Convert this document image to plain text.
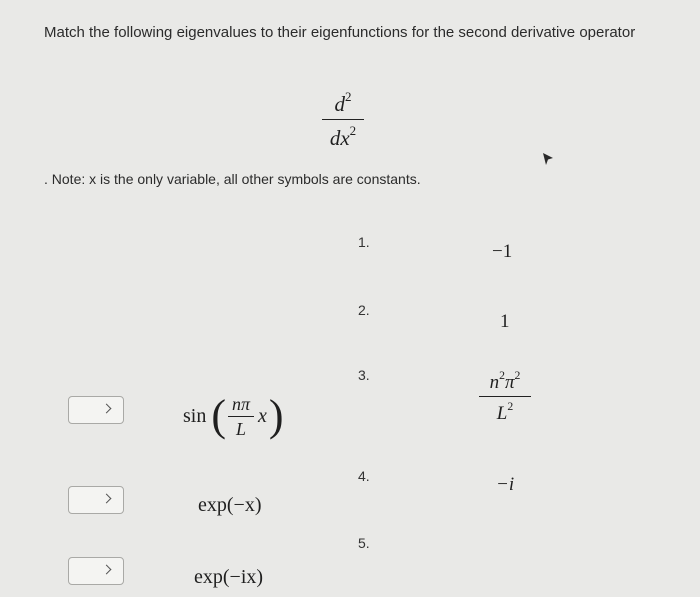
Match the following eigenvalues to their eigenfunctions for the second derivative operator
$d^2$
$dx^2$
. Note: x is the only variable, all other symbols are constants.
1.
2.
3.
4.
5.
−1
1
$n^2\pi^2$
$L^2$
−i
sin ( nπ
L
x )
exp(−x)
exp(−ix)
